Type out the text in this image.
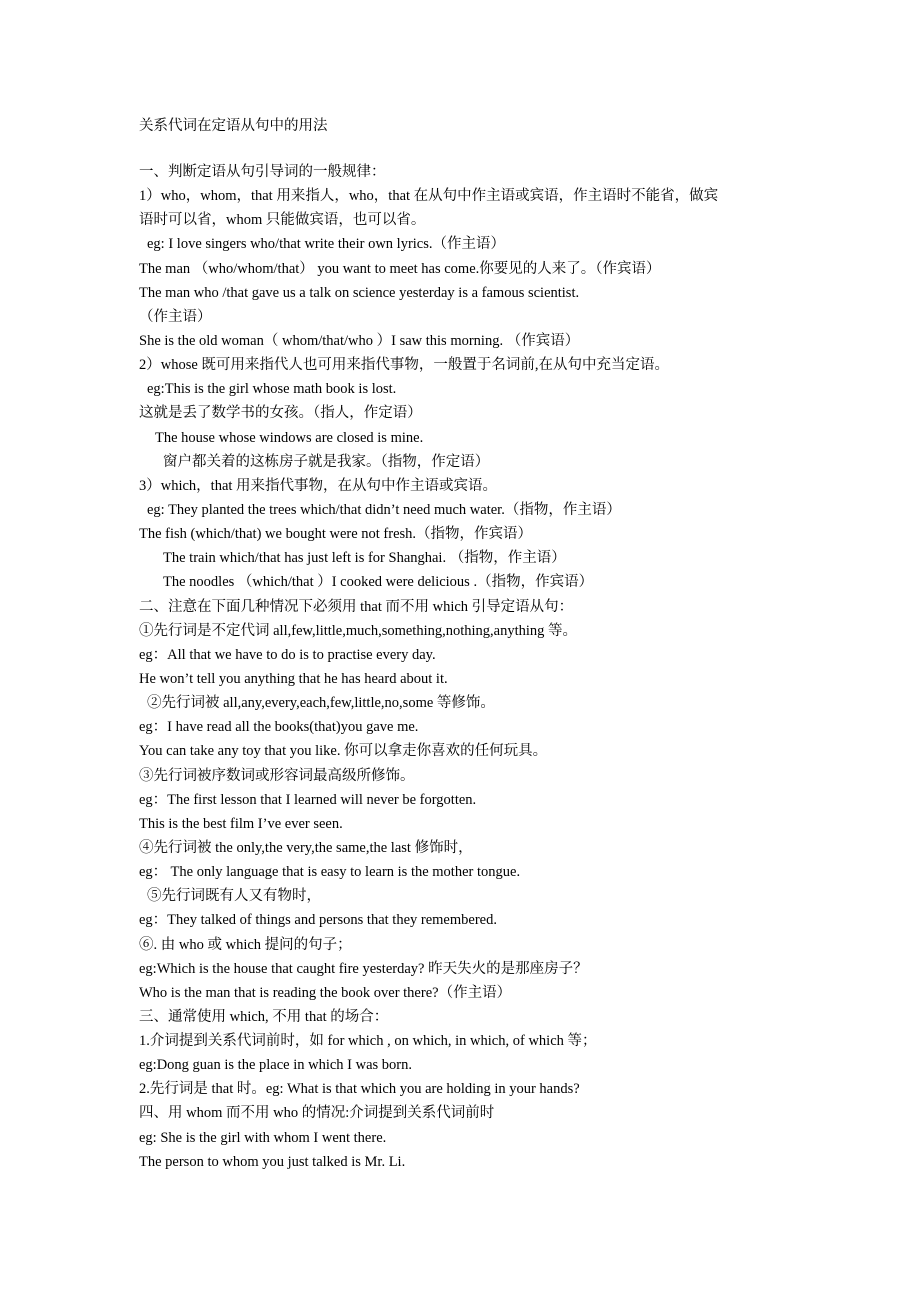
关系代词在定语从句中的用法
一、判断定语从句引导词的一般规律：
1）who，whom，that 用来指人，who，that 在从句中作主语或宾语，作主语时不能省，做宾
语时可以省，whom 只能做宾语，也可以省。
eg: I love singers who/that write their own lyrics.（作主语）
The man （who/whom/that） you want to meet has come.你要见的人来了。（作宾语）
The man who /that gave us a talk on science yesterday is a famous scientist.
（作主语）
She is the old woman（ whom/that/who ）I saw this morning. （作宾语）
2）whose 既可用来指代人也可用来指代事物，一般置于名词前,在从句中充当定语。
eg:This is the girl whose math book is lost.
这就是丢了数学书的女孩。（指人，作定语）
The house whose windows are closed is mine.
窗户都关着的这栋房子就是我家。（指物，作定语）
3）which，that 用来指代事物，在从句中作主语或宾语。
eg: They planted the trees which/that didn’t need much water.（指物，作主语）
The fish (which/that) we bought were not fresh.（指物，作宾语）
The train which/that has just left is for Shanghai. （指物，作主语）
The noodles （which/that ）I cooked were delicious .（指物，作宾语）
二、注意在下面几种情况下必须用 that 而不用 which 引导定语从句：
①先行词是不定代词 all,few,little,much,something,nothing,anything 等。
eg：All that we have to do is to practise every day.
He won’t tell you anything that he has heard about it.
②先行词被 all,any,every,each,few,little,no,some 等修饰。
eg：I have read all the books(that)you gave me.
You can take any toy that you like. 你可以拿走你喜欢的任何玩具。
③先行词被序数词或形容词最高级所修饰。
eg：The first lesson that I learned will never be forgotten.
This is the best film I’ve ever seen.
④先行词被 the only,the very,the same,the last 修饰时，
eg： The only language that is easy to learn is the mother tongue.
⑤先行词既有人又有物时，
eg：They talked of things and persons that they remembered.
⑥. 由 who 或 which 提问的句子；
eg:Which is the house that caught fire yesterday? 昨天失火的是那座房子？
Who is the man that is reading the book over there?（作主语）
三、通常使用 which, 不用 that 的场合：
1.介词提到关系代词前时，如 for which , on which, in which, of which 等；
eg:Dong guan is the place in which I was born.
2.先行词是 that 时。eg: What is that which you are holding in your hands?
四、用 whom 而不用 who 的情况:介词提到关系代词前时
eg: She is the girl with whom I went there.
The person to whom you just talked is Mr. Li.
